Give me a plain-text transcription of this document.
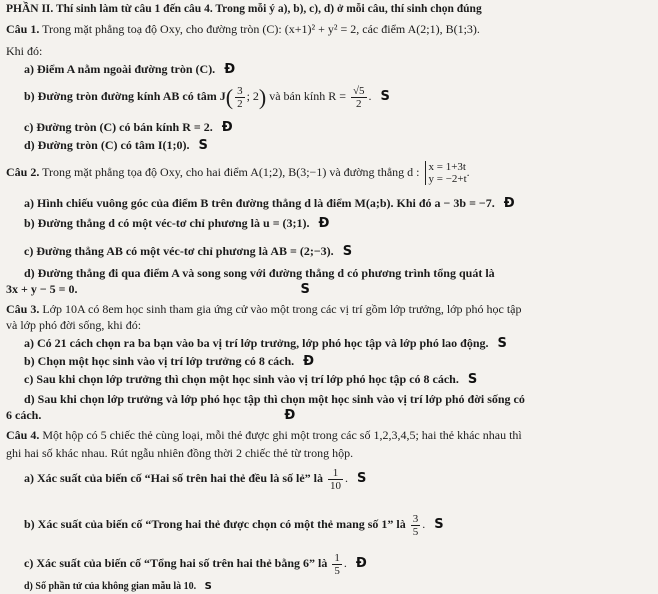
PHẦN II. Thí sinh làm từ câu 1 đến câu 4. Trong mỗi ý a), b), c), d) ở mỗi câu, thí sinh chọn đúng
Câu 1. Trong mặt phẳng toạ độ Oxy, cho đường tròn (C): (x+1)² + y² = 2, các điểm A(2;1), B(1;3).
Khi đó:
a) Điểm A nằm ngoài đường tròn (C). Đ
b) Đường tròn đường kính AB có tâm $J( \frac{3}{2}$ ; 2) và bán kính $R = \frac{√5}{2}$ . S
c) Đường tròn (C) có bán kính R = 2. Đ
d) Đường tròn (C) có tâm I(1;0). S
Câu 2. Trong mặt phẳng tọa độ Oxy, cho hai điểm A(1;2), B(3;−1) và đường thẳng d : x = 1+3t
y = −2+t
.
a) Hình chiếu vuông góc của điểm B trên đường thẳng d là điểm M(a;b). Khi đó a − 3b = −7. Đ
b) Đường thẳng d có một véc-tơ chỉ phương là u = (3;1). Đ
c) Đường thẳng AB có một véc-tơ chỉ phương là AB = (2;−3). S
d) Đường thẳng đi qua điểm A và song song với đường thẳng d có phương trình tổng quát là
3x + y − 5 = 0.	S
Câu 3. Lớp 10A có 8em học sinh tham gia ứng cử vào một trong các vị trí gồm lớp trưởng, lớp phó học tập
và lớp phó đời sống, khi đó:
a) Có 21 cách chọn ra ba bạn vào ba vị trí lớp trưởng, lớp phó học tập và lớp phó lao động. S
b) Chọn một học sinh vào vị trí lớp trưởng có 8 cách. Đ
c) Sau khi chọn lớp trưởng thì chọn một học sinh vào vị trí lớp phó học tập có 8 cách. S
d) Sau khi chọn lớp trưởng và lớp phó học tập thì chọn một học sinh vào vị trí lớp phó đời sống có
6 cách.	Đ
Câu 4. Một hộp có 5 chiếc thẻ cùng loại, mỗi thẻ được ghi một trong các số 1,2,3,4,5; hai thẻ khác nhau thì
ghi hai số khác nhau. Rút ngẫu nhiên đồng thời 2 chiếc thẻ từ trong hộp.
a) Xác suất của biến cố “Hai số trên hai thẻ đều là số lẻ” là $\frac{1}{10}$ . S
b) Xác suất của biến cố “Trong hai thẻ được chọn có một thẻ mang số 1” là $\frac{3}{5}$ . S
c) Xác suất của biến cố “Tổng hai số trên hai thẻ bằng 6” là $\frac{1}{5}$ . Đ
d) Số phần tử của không gian mẫu là 10. S
